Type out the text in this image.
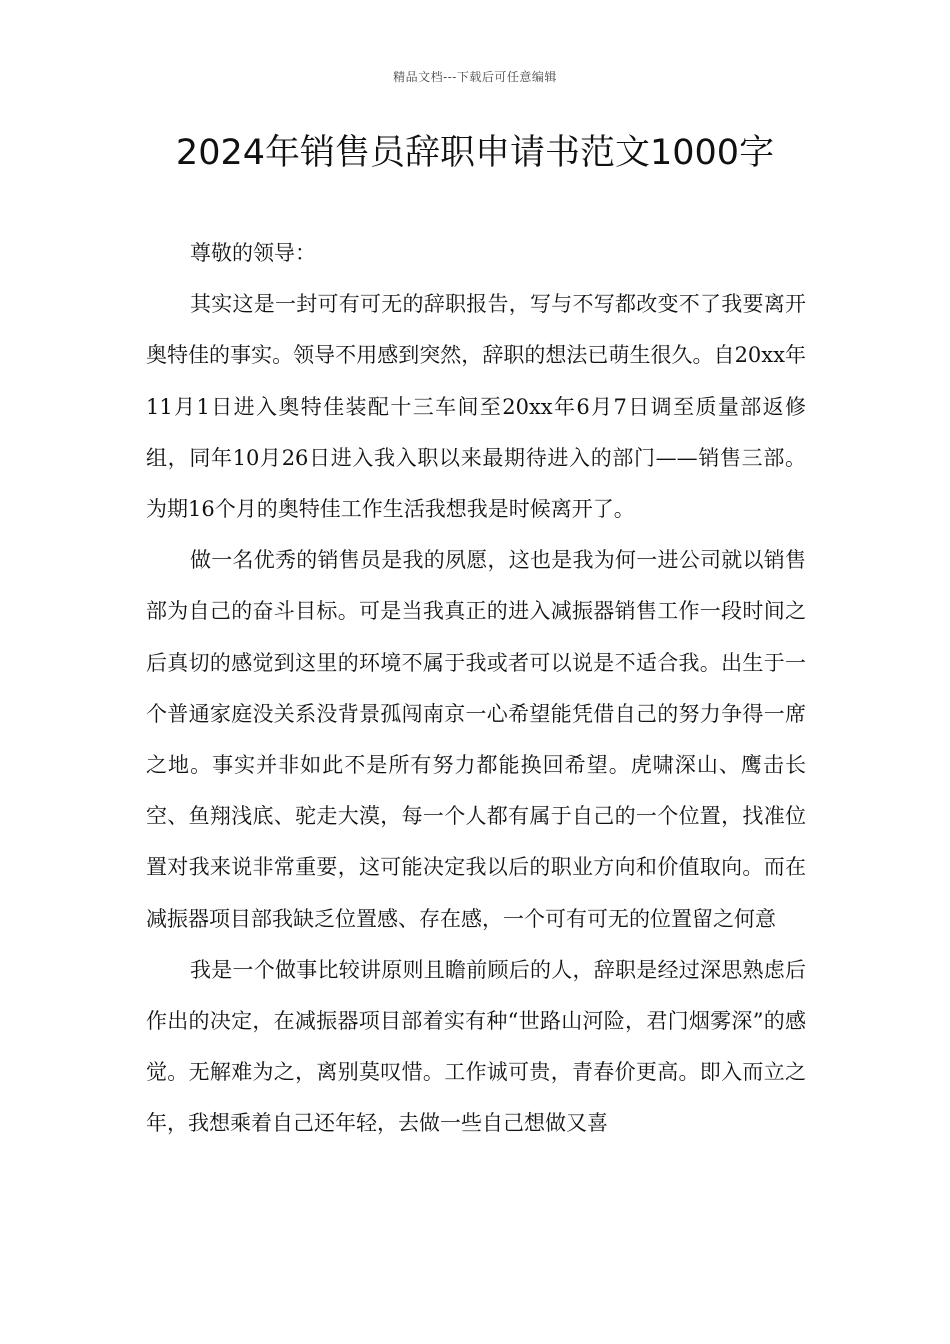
精品文档---下载后可任意编辑
2024年销售员辞职申请书范文1000字

尊敬的领导：

其实这是一封可有可无的辞职报告，写与不写都改变不了我要离开奥特佳的事实。领导不用感到突然，辞职的想法已萌生很久。自20xx年11月1日进入奥特佳装配十三车间至20xx年6月7日调至质量部返修组，同年10月26日进入我入职以来最期待进入的部门——销售三部。为期16个月的奥特佳工作生活我想我是时候离开了。

做一名优秀的销售员是我的夙愿，这也是我为何一进公司就以销售部为自己的奋斗目标。可是当我真正的进入减振器销售工作一段时间之后真切的感觉到这里的环境不属于我或者可以说是不适合我。出生于一个普通家庭没关系没背景孤闯南京一心希望能凭借自己的努力争得一席之地。事实并非如此不是所有努力都能换回希望。虎啸深山、鹰击长空、鱼翔浅底、驼走大漠，每一个人都有属于自己的一个位置，找准位置对我来说非常重要，这可能决定我以后的职业方向和价值取向。而在减振器项目部我缺乏位置感、存在感，一个可有可无的位置留之何意

我是一个做事比较讲原则且瞻前顾后的人，辞职是经过深思熟虑后作出的决定，在减振器项目部着实有种“世路山河险，君门烟雾深”的感觉。无解难为之，离别莫叹惜。工作诚可贵，青春价更高。即入而立之年，我想乘着自己还年轻，去做一些自己想做又喜
